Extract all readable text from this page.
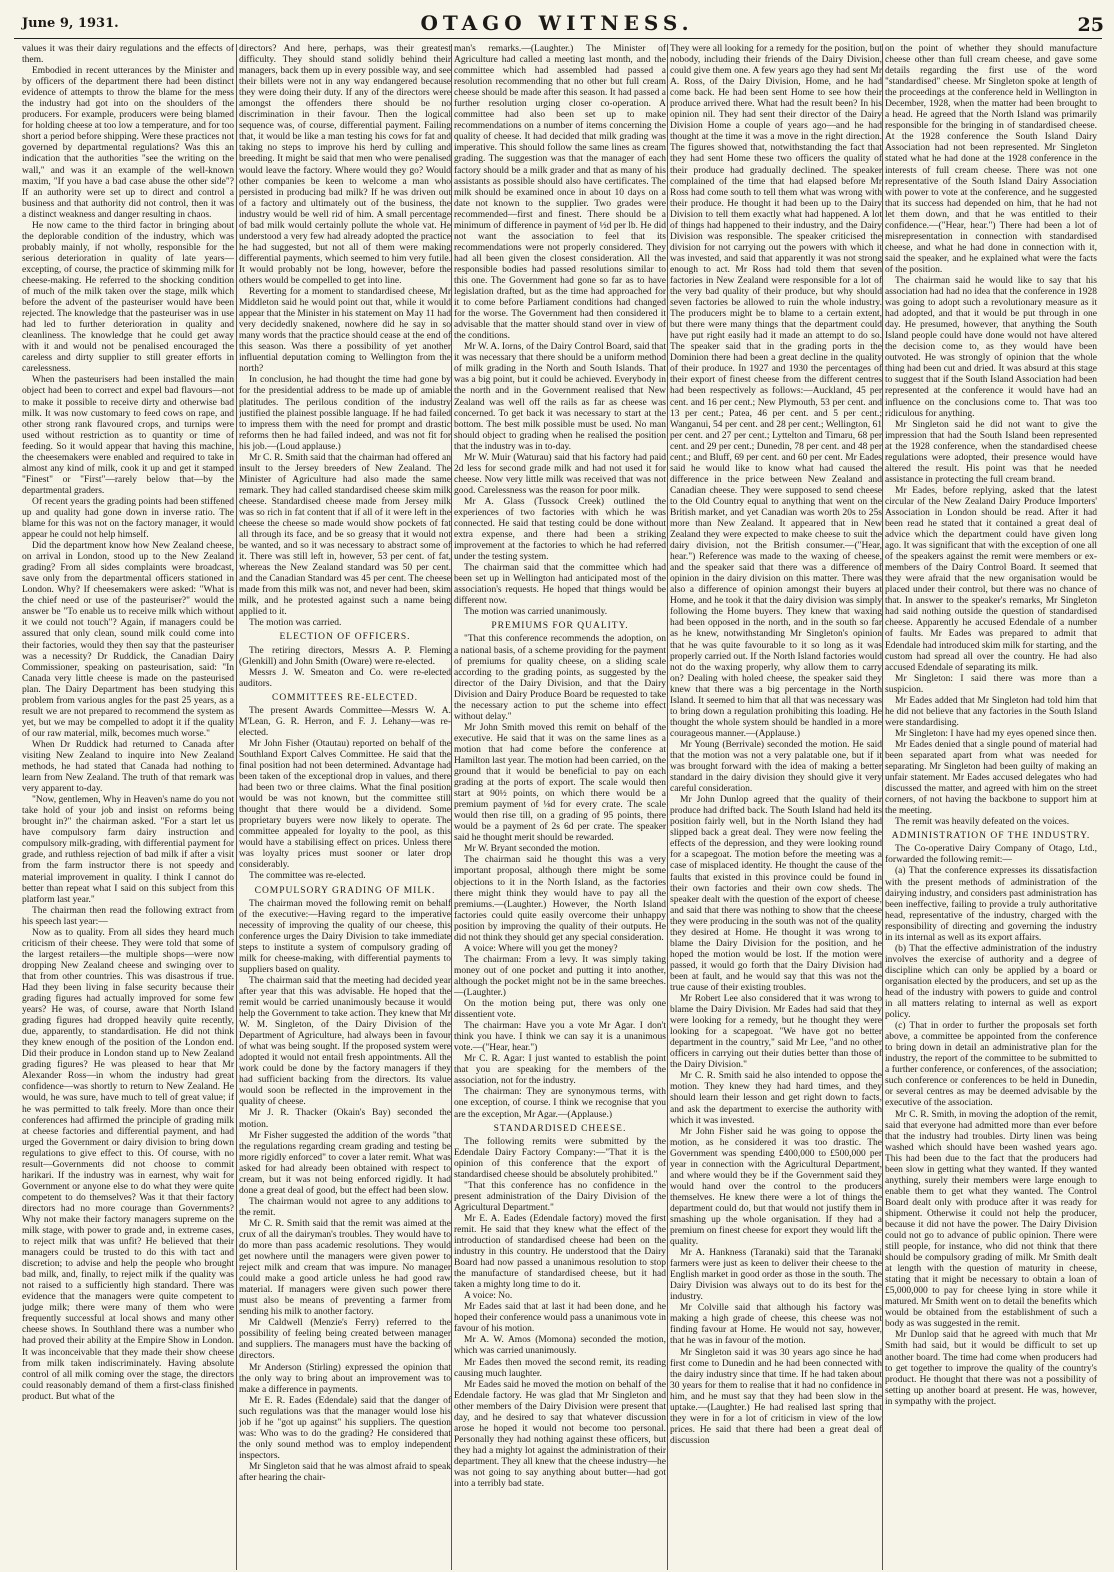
June 9, 1931.	OTAGO WITNESS.	25

values it was their dairy regulations and the effects of them.

Embodied in recent utterances by the Minister and by officers of the department there had been distinct evidence of attempts to throw the blame for the mess the industry had got into on the shoulders of the producers. For example, producers were being blamed for holding cheese at too low a temperature, and for too short a period before shipping. Were these practices not governed by departmental regulations? Was this an indication that the authorities "see the writing on the wall," and was it an example of the well-known maxim, "If you have a bad case abuse the other side"? If an authority were set up to direct and control a business and that authority did not control, then it was a distinct weakness and danger resulting in chaos.

He now came to the third factor in bringing about the deplorable condition of the industry, which was probably mainly, if not wholly, responsible for the serious deterioration in quality of late years—excepting, of course, the practice of skimming milk for cheese-making. He referred to the shocking condition of much of the milk taken over the stage, milk which before the advent of the pasteuriser would have been rejected. The knowledge that the pasteuriser was in use had led to further deterioration in quality and cleanliness. The knowledge that he could get away with it and would not be penalised encouraged the careless and dirty supplier to still greater efforts in carelessness.

When the pasteurisers had been installed the main object had been to correct and expel bad flavours—not to make it possible to receive dirty and otherwise bad milk. It was now customary to feed cows on rape, and other strong rank flavoured crops, and turnips were used without restriction as to quantity or time of feeding. So it would appear that having this machine, the cheesemakers were enabled and required to take in almost any kind of milk, cook it up and get it stamped "Finest" or "First"—rarely below that—by the departmental graders.

Of recent years the grading points had been stiffened up and quality had gone down in inverse ratio. The blame for this was not on the factory manager, it would appear he could not help himself.

Did the department know how New Zealand cheese, on arrival in London, stood up to the New Zealand grading? From all sides complaints were broadcast, save only from the departmental officers stationed in London. Why? If cheesemakers were asked: "What is the chief need or use of the pasteuriser?" would the answer be "To enable us to receive milk which without it we could not touch"? Again, if managers could be assured that only clean, sound milk could come into their factories, would they then say that the pasteuriser was a necessity? Dr Ruddick, the Canadian Dairy Commissioner, speaking on pasteurisation, said: "In Canada very little cheese is made on the pasteurised plan. The Dairy Department has been studying this problem from various angles for the past 25 years, as a result we are not prepared to recommend the system as yet, but we may be compelled to adopt it if the quality of our raw material, milk, becomes much worse."

When Dr Ruddick had returned to Canada after visiting New Zealand to inquire into New Zealand methods, he had stated that Canada had nothing to learn from New Zealand. The truth of that remark was very apparent to-day.

"Now, gentlemen, Why in Heaven's name do you not take hold of your job and insist on reforms being brought in?" the chairman asked. "For a start let us have compulsory farm dairy instruction and compulsory milk-grading, with differential payment for grade, and ruthless rejection of bad milk if after a visit from the farm instructor there is not speedy and material improvement in quality. I think I cannot do better than repeat what I said on this subject from this platform last year."

The chairman then read the following extract from his speech last year:—

Now as to quality. From all sides they heard much criticism of their cheese. They were told that some of the largest retailers—the multiple shops—were now dropping New Zealand cheese and swinging over to that from other countries. This was disastrous if true. Had they been living in false security because their grading figures had actually improved for some few years? He was, of course, aware that North Island grading figures had dropped heavily quite recently, due, apparently, to standardisation. He did not think they knew enough of the position of the London end. Did their produce in London stand up to New Zealand grading figures? He was pleased to hear that Mr Alexander Ross—in whom the industry had great confidence—was shortly to return to New Zealand. He would, he was sure, have much to tell of great value; if he was permitted to talk freely. More than once their conferences had affirmed the principle of grading milk at cheese factories and differential payment, and had urged the Government or dairy division to bring down regulations to give effect to this. Of course, with no result—Governments did not choose to commit harikari. If the industry was in earnest, why wait for Government or anyone else to do what they were quite competent to do themselves? Was it that their factory directors had no more courage than Governments? Why not make their factory managers supreme on the milk stage, with power to grade and, in extreme cases, to reject milk that was unfit? He believed that their managers could be trusted to do this with tact and discretion; to advise and help the people who brought bad milk, and, finally, to reject milk if the quality was not raised to a sufficiently high standard. There was evidence that the managers were quite competent to judge milk; there were many of them who were frequently successful at local shows and many other cheese shows. In Southland there was a number who had proved their ability at the Empire Show in London. It was inconceivable that they made their show cheese from milk taken indiscriminately. Having absolute control of all milk coming over the stage, the directors could reasonably demand of them a first-class finished product. But what of the

directors? And here, perhaps, was their greatest difficulty. They should stand solidly behind their managers, back them up in every possible way, and see their billets were not in any way endangered because they were doing their duty. If any of the directors were amongst the offenders there should be no discrimination in their favour. Then the logical sequence was, of course, differential payment. Failing that, it would be like a man testing his cows for fat and taking no steps to improve his herd by culling and breeding. It might be said that men who were penalised would leave the factory. Where would they go? Would other companies be keen to welcome a man who persisted in producing bad milk? If he was driven out of a factory and ultimately out of the business, the industry would be well rid of him. A small percentage of bad milk would certainly pollute the whole vat. He understood a very few had already adopted the practice he had suggested, but not all of them were making differential payments, which seemed to him very futile. It would probably not be long, however, before the others would be compelled to get into line.

Reverting for a moment to standardised cheese, Mr Middleton said he would point out that, while it would appear that the Minister in his statement on May 11 had very decidedly snakened, nowhere did he say in so many words that the practice should cease at the end of this season. Was there a possibility of yet another influential deputation coming to Wellington from the north?

In conclusion, he had thought the time had gone by for the presidential address to be made up of amiable platitudes. The perilous condition of the industry justified the plainest possible language. If he had failed to impress them with the need for prompt and drastic reforms then he had failed indeed, and was not fit for his job.—(Loud applause.)

Mr C. R. Smith said that the chairman had offered an insult to the Jersey breeders of New Zealand. The Minister of Agriculture had also made the same remark. They had called standardised cheese skim milk cheese. Standardised cheese made from Jersey milk was so rich in fat content that if all of it were left in the cheese the cheese so made would show pockets of fat all through its face, and be so greasy that it would not be wanted, and so it was necessary to abstract some of it. There was still left in, however, 53 per cent. of fat, whereas the New Zealand standard was 50 per cent. and the Canadian Standard was 45 per cent. The cheese made from this milk was not, and never had been, skim milk, and he protested against such a name being applied to it.

The motion was carried.

ELECTION OF OFFICERS.

The retiring directors, Messrs A. P. Fleming (Glenkill) and John Smith (Oware) were re-elected.

Messrs J. W. Smeaton and Co. were re-elected auditors.

COMMITTEES RE-ELECTED.

The present Awards Committee—Messrs W. A. M'Lean, G. R. Herron, and F. J. Lehany—was re-elected.

Mr John Fisher (Otautau) reported on behalf of the Southland Export Calves Committee. He said that the final position had not been determined. Advantage had been taken of the exceptional drop in values, and there had been two or three claims. What the final position would be was not known, but the committee still thought that there would be a dividend. Some proprietary buyers were now likely to operate. The committee appealed for loyalty to the pool, as this would have a stabilising effect on prices. Unless there was loyalty prices must sooner or later drop considerably.

The committee was re-elected.

COMPULSORY GRADING OF MILK.

The chairman moved the following remit on behalf of the executive:—Having regard to the imperative necessity of improving the quality of our cheese, this conference urges the Dairy Division to take immediate steps to institute a system of compulsory grading of milk for cheese-making, with differential payments to suppliers based on quality.

The chairman said that the meeting had decided year after year that this was advisable. He hoped that the remit would be carried unanimously because it would help the Government to take action. They knew that Mr W. M. Singleton, of the Dairy Division of the Department of Agriculture, had always been in favour of what was being sought. If the proposed system were adopted it would not entail fresh appointments. All the work could be done by the factory managers if they had sufficient backing from the directors. Its value would soon be reflected in the improvement in the quality of cheese.

Mr J. R. Thacker (Okain's Bay) seconded the motion.

Mr Fisher suggested the addition of the words "that the regulations regarding cream grading and testing be more rigidly enforced" to cover a later remit. What was asked for had already been obtained with respect to cream, but it was not being enforced rigidly. It had done a great deal of good, but the effect had been slow.

The chairman would not agree to any additions to the remit.

Mr C. R. Smith said that the remit was aimed at the crux of all the dairyman's troubles. They would have to do more than pass academic resolutions. They would get nowhere until the managers were given power to reject milk and cream that was impure. No manager could make a good article unless he had good raw material. If managers were given such power there must also be means of preventing a farmer from sending his milk to another factory.

Mr Caldwell (Menzie's Ferry) referred to the possibility of feeling being created between manager and suppliers. The managers must have the backing of directors.

Mr Anderson (Stirling) expressed the opinion that the only way to bring about an improvement was to make a difference in payments.

Mr E. R. Eades (Edendale) said that the danger of such regulations was that the manager would lose his job if he "got up against" his suppliers. The question was: Who was to do the grading? He considered that the only sound method was to employ independent inspectors.

Mr Singleton said that he was almost afraid to speak after hearing the chair-

man's remarks.—(Laughter.) The Minister of Agriculture had called a meeting last month, and the committee which had assembled had passed a resolution recommending that no other but full cream cheese should be made after this season. It had passed a further resolution urging closer co-operation. A committee had also been set up to make recommendations on a number of items concerning the quality of cheese. It had decided that milk grading was imperative. This should follow the same lines as cream grading. The suggestion was that the manager of each factory should be a milk grader and that as many of his assistants as possible should also have certificates. The milk should be examined once in about 10 days on a date not known to the supplier. Two grades were recommended—first and finest. There should be a minimum of difference in payment of ½d per lb. He did not want the association to feel that its recommendations were not properly considered. They had all been given the closest consideration. All the responsible bodies had passed resolutions similar to this one. The Government had gone so far as to have legislation drafted, but as the time had approached for it to come before Parliament conditions had changed for the worse. The Government had then considered it advisable that the matter should stand over in view of the conditions.

Mr W. A. Iorns, of the Dairy Control Board, said that it was necessary that there should be a uniform method of milk grading in the North and South Islands. That was a big point, but it could be achieved. Everybody in the north and in the Government realised that New Zealand was well off the rails as far as cheese was concerned. To get back it was necessary to start at the bottom. The best milk possible must be used. No man should object to grading when he realised the position that the industry was in to-day.

Mr W. Muir (Waturau) said that his factory had paid 2d less for second grade milk and had not used it for cheese. Now very little milk was received that was not good. Carelessness was the reason for poor milk.

Mr A. Glass (Tussock Creek) outlined the experiences of two factories with which he was connected. He said that testing could be done without extra expense, and there had been a striking improvement at the factories to which he had referred under the testing system.

The chairman said that the committee which had been set up in Wellington had anticipated most of the association's requests. He hoped that things would be different now.

The motion was carried unanimously.

PREMIUMS FOR QUALITY.

"That this conference recommends the adoption, on a national basis, of a scheme providing for the payment of premiums for quality cheese, on a sliding scale according to the grading points, as suggested by the director of the Dairy Division, and that the Dairy Division and Dairy Produce Board be requested to take the necessary action to put the scheme into effect without delay."

Mr John Smith moved this remit on behalf of the executive. He said that it was on the same lines as a motion that had come before the conference at Hamilton last year. The motion had been carried, on the ground that it would be beneficial to pay on each grading at the ports of export. The scale would then start at 90½ points, on which there would be a premium payment of ⅛d for every crate. The scale would then rise till, on a grading of 95 points, there would be a payment of 2s 6d per crate. The speaker said he thought merit should be rewarded.

Mr W. Bryant seconded the motion.

The chairman said he thought this was a very important proposal, although there might be some objections to it in the North Island, as the factories there might think they would have to pay all the premiums.—(Laughter.) However, the North Island factories could quite easily overcome their unhappy position by improving the quality of their outputs. He did not think they should get any special consideration.

A voice: Where will you get the money?

The chairman: From a levy. It was simply taking money out of one pocket and putting it into another, although the pocket might not be in the same breeches.—(Laughter.)

On the motion being put, there was only one dissentient vote.

The chairman: Have you a vote Mr Agar. I don't think you have. I think we can say it is a unanimous vote.—("Hear, hear.")

Mr C. R. Agar: I just wanted to establish the point that you are speaking for the members of the association, not for the industry.

The chairman: They are synonymous terms, with one exception, of course. I think we recognise that you are the exception, Mr Agar.—(Applause.)

STANDARDISED CHEESE.

The following remits were submitted by the Edendale Dairy Factory Company:—"That it is the opinion of this conference that the export of standardised cheese should be absolutely prohibited."

"That this conference has no confidence in the present administration of the Dairy Division of the Agricultural Department."

Mr E. A. Eades (Edendale factory) moved the first remit. He said that they knew what the effect of the introduction of standardised cheese had been on the industry in this country. He understood that the Dairy Board had now passed a unanimous resolution to stop the manufacture of standardised cheese, but it had taken a mighty long time to do it.

A voice: No.

Mr Eades said that at last it had been done, and he hoped their conference would pass a unanimous vote in favour of his motion.

Mr A. W. Amos (Momona) seconded the motion, which was carried unanimously.

Mr Eades then moved the second remit, its reading causing much laughter.

Mr Eades said he moved the motion on behalf of the Edendale factory. He was glad that Mr Singleton and other members of the Dairy Division were present that day, and he desired to say that whatever discussion arose he hoped it would not become too personal. Personally they had nothing against these officers, but they had a mighty lot against the administration of their department. They all knew that the cheese industry—he was not going to say anything about butter—had got into a terribly bad state.

They were all looking for a remedy for the position, but nobody, including their friends of the Dairy Division, could give them one. A few years ago they had sent Mr A. Ross, of the Dairy Division, Home, and he had come back. He had been sent Home to see how their produce arrived there. What had the result been? In his opinion nil. They had sent their director of the Dairy Division Home a couple of years ago—and he had thought at the time it was a move in the right direction. The figures showed that, notwithstanding the fact that they had sent Home these two officers the quality of their produce had gradually declined. The speaker complained of the time that had elapsed before Mr Ross had come south to tell them what was wrong with their produce. He thought it had been up to the Dairy Division to tell them exactly what had happened. A lot of things had happened to their industry, and the Dairy Division was responsible. The speaker criticised the division for not carrying out the powers with which it was invested, and said that apparently it was not strong enough to act. Mr Ross had told them that seven factories in New Zealand were responsible for a lot of the very bad quality of their produce, but why should seven factories be allowed to ruin the whole industry. The producers might be to blame to a certain extent, but there were many things that the department could have put right easily had it made an attempt to do so. The speaker said that in the grading ports in the Dominion there had been a great decline in the quality of their produce. In 1927 and 1930 the percentages of their export of finest cheese from the different centres had been respectively as follows:—Auckland, 45 per cent. and 16 per cent.; New Plymouth, 53 per cent. and 13 per cent.; Patea, 46 per cent. and 5 per cent.; Wanganui, 54 per cent. and 28 per cent.; Wellington, 61 per cent. and 27 per cent.; Lyttelton and Timaru, 68 per cent. and 29 per cent.; Dunedin, 78 per cent. and 48 per cent.; and Bluff, 69 per cent. and 60 per cent. Mr Eades said he would like to know what had caused the difference in the price between New Zealand and Canadian cheese. They were supposed to send cheese to the Old Country equal to anything that went on the British market, and yet Canadian was worth 20s to 25s more than New Zealand. It appeared that in New Zealand they were expected to make cheese to suit the dairy division, not the British consumer.—("Hear, hear.") Reference was made to the waxing of cheese, and the speaker said that there was a difference of opinion in the dairy division on this matter. There was also a difference of opinion amongst their buyers at Home, and he took it that the dairy division was simply following the Home buyers. They knew that waxing had been opposed in the north, and in the south so far as he knew, notwithstanding Mr Singleton's opinion that he was quite favourable to it so long as it was properly carried out. If the North Island factories would not do the waxing properly, why allow them to carry on? Dealing with holed cheese, the speaker said they knew that there was a big percentage in the North Island. It seemed to him that all that was necessary was to bring down a regulation prohibiting this loading. He thought the whole system should be handled in a more courageous manner.—(Applause.)

Mr Young (Berrivale) seconded the motion. He said that the motion was not a very palatable one, but if it was brought forward with the idea of making a better standard in the dairy division they should give it very careful consideration.

Mr John Dunlop agreed that the quality of their produce had drifted back. The South Island had held its position fairly well, but in the North Island they had slipped back a great deal. They were now feeling the effects of the depression, and they were looking round for a scapegoat. The motion before the meeting was a case of misplaced identity. He thought the cause of the faults that existed in this province could be found in their own factories and their own cow sheds. The speaker dealt with the question of the export of cheese, and said that there was nothing to show that the cheese they were producing in the south was not of the quality they desired at Home. He thought it was wrong to blame the Dairy Division for the position, and he hoped the motion would be lost. If the motion were passed, it would go forth that the Dairy Division had been at fault, and he would say that this was not the true cause of their existing troubles.

Mr Robert Lee also considered that it was wrong to blame the Dairy Division. Mr Eades had said that they were looking for a remedy, but he thought they were looking for a scapegoat. "We have got no better department in the country," said Mr Lee, "and no other officers in carrying out their duties better than those of the Dairy Division."

Mr C. R. Smith said he also intended to oppose the motion. They knew they had hard times, and they should learn their lesson and get right down to facts, and ask the department to exercise the authority with which it was invested.

Mr John Fisher said he was going to oppose the motion, as he considered it was too drastic. The Government was spending £400,000 to £500,000 per year in connection with the Agricultural Department, and where would they be if the Government said they would hand over the control to the producers themselves. He knew there were a lot of things the department could do, but that would not justify them in smashing up the whole organisation. If they had a premium on finest cheese for export they would lift the quality.

Mr A. Hankness (Taranaki) said that the Taranaki farmers were just as keen to deliver their cheese to the English market in good order as those in the south. The Dairy Division was always out to do its best for the industry.

Mr Colville said that although his factory was making a high grade of cheese, this cheese was not finding favour at Home. He would not say, however, that he was in favour of the motion.

Mr Singleton said it was 30 years ago since he had first come to Dunedin and he had been connected with the dairy industry since that time. If he had taken about 30 years for them to realise that it had no confidence in him, and he must say that they had been slow in the uptake.—(Laughter.) He had realised last spring that they were in for a lot of criticism in view of the low prices. He said that there had been a great deal of discussion

on the point of whether they should manufacture cheese other than full cream cheese, and gave some details regarding the first use of the word "standardised" cheese. Mr Singleton spoke at length of the proceedings at the conference held in Wellington in December, 1928, when the matter had been brought to a head. He agreed that the North Island was primarily responsible for the bringing in of standardised cheese. At the 1928 conference the South Island Dairy Association had not been represented. Mr Singleton stated what he had done at the 1928 conference in the interests of full cream cheese. There was not one representative of the South Island Dairy Association with power to vote at the conference, and he suggested that its success had depended on him, that he had not let them down, and that he was entitled to their confidence.—("Hear, hear.") There had been a lot of misrepresentation in connection with standardised cheese, and what he had done in connection with it, said the speaker, and he explained what were the facts of the position.

The chairman said he would like to say that his association had had no idea that the conference in 1928 was going to adopt such a revolutionary measure as it had adopted, and that it would be put through in one day. He presumed, however, that anything the South Island people could have done would not have altered the decision come to, as they would have been outvoted. He was strongly of opinion that the whole thing had been cut and dried. It was absurd at this stage to suggest that if the South Island Association had been represented at the conference it would have had an influence on the conclusions come to. That was too ridiculous for anything.

Mr Singleton said he did not want to give the impression that had the South Island been represented at the 1928 conference, when the standardised cheese regulations were adopted, their presence would have altered the result. His point was that he needed assistance in protecting the full cream brand.

Mr Eades, before replying, asked that the latest circular of the New Zealand Dairy Produce Importers' Association in London should be read. After it had been read he stated that it contained a great deal of advice which the department could have given long ago. It was significant that with the exception of one all of the speakers against the remit were members or ex-members of the Dairy Control Board. It seemed that they were afraid that the new organisation would be placed under their control, but there was no chance of that. In answer to the speaker's remarks, Mr Singleton had said nothing outside the question of standardised cheese. Apparently he accused Edendale of a number of faults. Mr Eades was prepared to admit that Edendale had introduced skim milk for starting, and the custom had spread all over the country. He had also accused Edendale of separating its milk.

Mr Singleton: I said there was more than a suspicion.

Mr Eades added that Mr Singleton had told him that he did not believe that any factories in the South Island were standardising.

Mr Singleton: I have had my eyes opened since then.

Mr Eades denied that a single pound of material had been separated apart from what was needed for separating. Mr Singleton had been guilty of making an unfair statement. Mr Eades accused delegates who had discussed the matter, and agreed with him on the street corners, of not having the backbone to support him at the meeting.

The remit was heavily defeated on the voices.

ADMINISTRATION OF THE INDUSTRY.

The Co-operative Dairy Company of Otago, Ltd., forwarded the following remit:—

(a) That the conference expresses its dissatisfaction with the present methods of administration of the dairying industry, and considers past administration has been ineffective, failing to provide a truly authoritative head, representative of the industry, charged with the responsibility of directing and governing the industry in its internal as well as its export affairs.

(b) That the effective administration of the industry involves the exercise of authority and a degree of discipline which can only be applied by a board or organisation elected by the producers, and set up as the head of the industry with powers to guide and control in all matters relating to internal as well as export policy.

(c) That in order to further the proposals set forth above, a committee be appointed from the conference to bring down in detail an administrative plan for the industry, the report of the committee to be submitted to a further conference, or conferences, of the association; such conference or conferences to be held in Dunedin, or several centres as may be deemed advisable by the executive of the association.

Mr C. R. Smith, in moving the adoption of the remit, said that everyone had admitted more than ever before that the industry had troubles. Dirty linen was being washed which should have been washed years ago. This had been due to the fact that the producers had been slow in getting what they wanted. If they wanted anything, surely their members were large enough to enable them to get what they wanted. The Control Board dealt only with produce after it was ready for shipment. Otherwise it could not help the producer, because it did not have the power. The Dairy Division could not go to advance of public opinion. There were still people, for instance, who did not think that there should be compulsory grading of milk. Mr Smith dealt at length with the question of maturity in cheese, stating that it might be necessary to obtain a loan of £5,000,000 to pay for cheese lying in store while it matured. Mr Smith went on to detail the benefits which would be obtained from the establishment of such a body as was suggested in the remit.

Mr Dunlop said that he agreed with much that Mr Smith had said, but it would be difficult to set up another board. The time had come when producers had to get together to improve the quality of the country's product. He thought that there was not a possibility of setting up another board at present. He was, however, in sympathy with the project.
